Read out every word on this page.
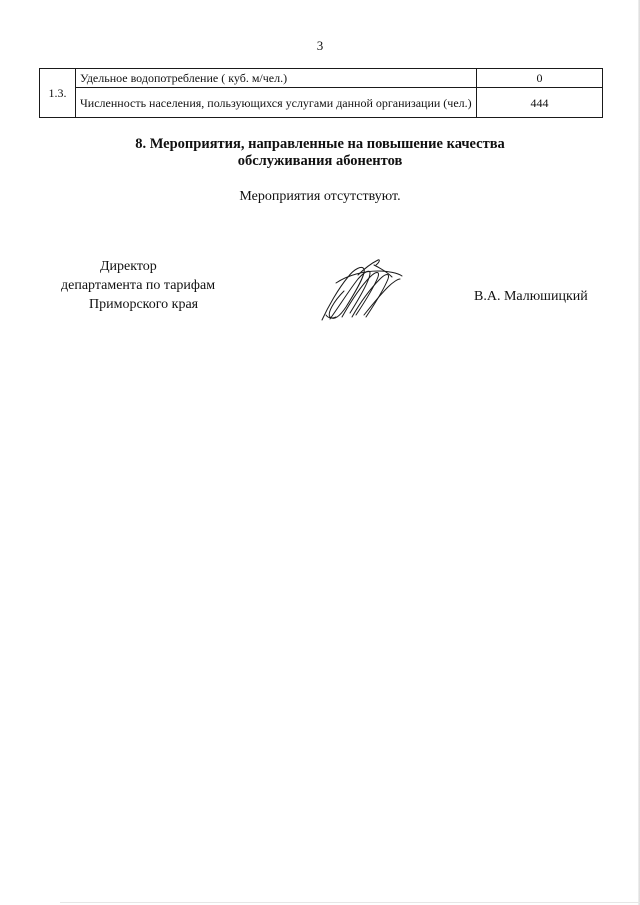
3
1.3.	Удельное водопотребление ( куб. м/чел.)	0
	Численность населения, пользующихся услугами данной организации (чел.)	444
8. Мероприятия, направленные на повышение качества
обслуживания абонентов
Мероприятия отсутствуют.
Директор
департамента по тарифам
Приморского края
В.А. Малюшицкий
